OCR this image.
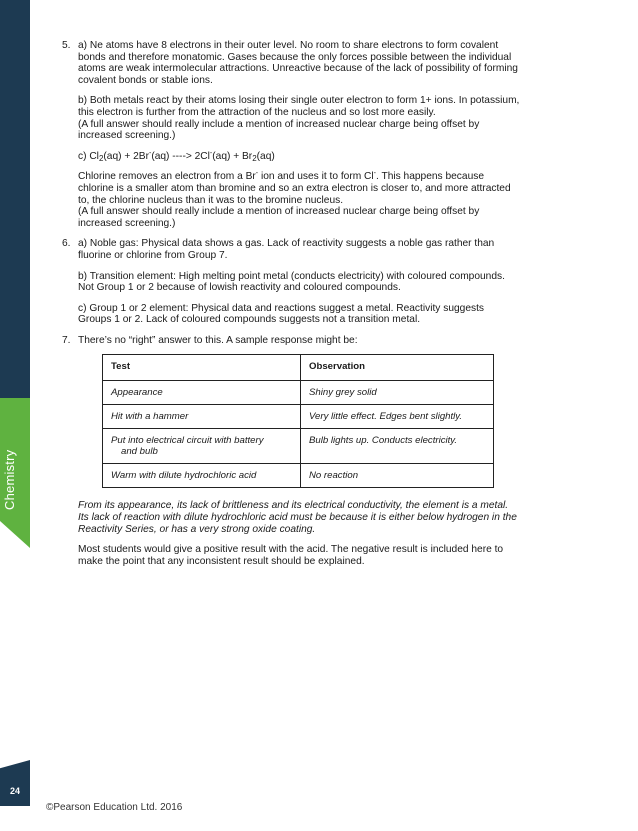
Chemistry
24
©Pearson Education Ltd. 2016
5. a) Ne atoms have 8 electrons in their outer level. No room to share electrons to form covalent
bonds and therefore monatomic. Gases because the only forces possible between the individual
atoms are weak intermolecular attractions. Unreactive because of the lack of possibility of forming
covalent bonds or stable ions.
b) Both metals react by their atoms losing their single outer electron to form 1+ ions. In potassium,
this electron is further from the attraction of the nucleus and so lost more easily.
(A full answer should really include a mention of increased nuclear charge being offset by
increased screening.)
c) $Cl_2(aq) + 2Br^-(aq)$ ----> $2Cl^-(aq) + Br_2(aq)$
Chlorine removes an electron from a Br- ion and uses it to form Cl-. This happens because
chlorine is a smaller atom than bromine and so an extra electron is closer to, and more attracted
to, the chlorine nucleus than it was to the bromine nucleus.
(A full answer should really include a mention of increased nuclear charge being offset by
increased screening.)
6. a) Noble gas: Physical data shows a gas. Lack of reactivity suggests a noble gas rather than
fluorine or chlorine from Group 7.
b) Transition element: High melting point metal (conducts electricity) with coloured compounds.
Not Group 1 or 2 because of lowish reactivity and coloured compounds.
c) Group 1 or 2 element: Physical data and reactions suggest a metal. Reactivity suggests
Groups 1 or 2. Lack of coloured compounds suggests not a transition metal.
7. There’s no “right” answer to this. A sample response might be:
Test	Observation
Appearance	Shiny grey solid
Hit with a hammer	Very little effect. Edges bent slightly.

Put into electrical circuit with battery
and bulb	Bulb lights up. Conducts electricity.
Warm with dilute hydrochloric acid	No reaction
From its appearance, its lack of brittleness and its electrical conductivity, the element is a metal.
Its lack of reaction with dilute hydrochloric acid must be because it is either below hydrogen in the
Reactivity Series, or has a very strong oxide coating.
Most students would give a positive result with the acid. The negative result is included here to
make the point that any inconsistent result should be explained.
